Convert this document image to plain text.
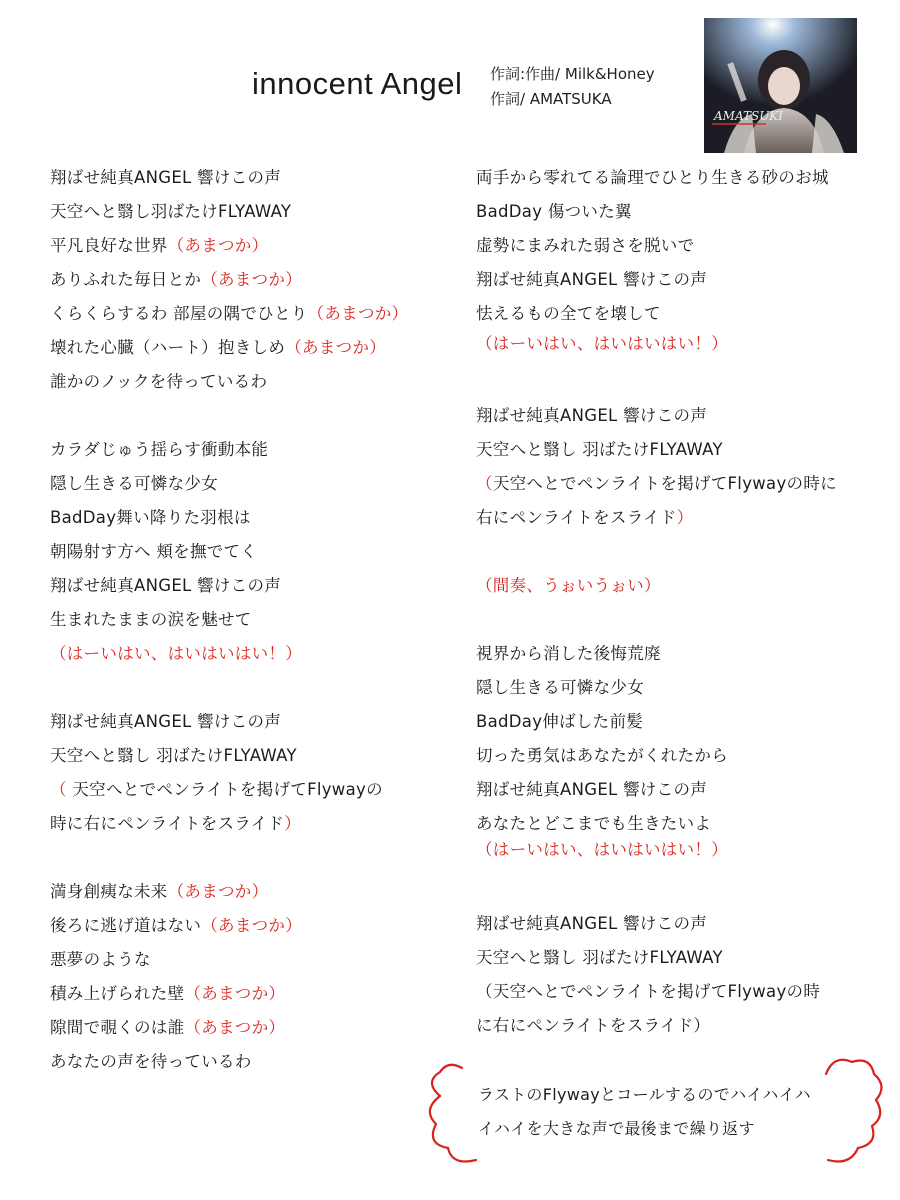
innocent Angel 作詞:作曲/ Milk&Honey
作詞/ AMATSUKA
AMATSUKI
翔ばせ純真ANGEL 響けこの声
天空へと翳し羽ばたけFLYAWAY
平凡良好な世界（あまつか）
ありふれた毎日とか（あまつか）
くらくらするわ 部屋の隅でひとり（あまつか）
壊れた心臓（ハート）抱きしめ（あまつか）
誰かのノックを待っているわ
カラダじゅう揺らす衝動本能
隠し生きる可憐な少女
BadDay舞い降りた羽根は
朝陽射す方へ 頬を撫でてく
翔ばせ純真ANGEL 響けこの声
生まれたままの涙を魅せて
（はーいはい、はいはいはい！）
翔ばせ純真ANGEL 響けこの声
天空へと翳し 羽ばたけFLYAWAY
（ 天空へとでペンライトを掲げてFlywayの
時に右にペンライトをスライド）
満身創痍な未来（あまつか）
後ろに逃げ道はない（あまつか）
悪夢のような
積み上げられた壁（あまつか）
隙間で覗くのは誰（あまつか）
あなたの声を待っているわ
両手から零れてる論理でひとり生きる砂のお城
BadDay 傷ついた翼
虚勢にまみれた弱さを脱いで
翔ばせ純真ANGEL 響けこの声
怯えるもの全てを壊して
（はーいはい、はいはいはい！）
翔ばせ純真ANGEL 響けこの声
天空へと翳し 羽ばたけFLYAWAY
（天空へとでペンライトを掲げてFlywayの時に
右にペンライトをスライド）
（間奏、うぉいうぉい）
視界から消した後悔荒廃
隠し生きる可憐な少女
BadDay伸ばした前髪
切った勇気はあなたがくれたから
翔ばせ純真ANGEL 響けこの声
あなたとどこまでも生きたいよ
（はーいはい、はいはいはい！）
翔ばせ純真ANGEL 響けこの声
天空へと翳し 羽ばたけFLYAWAY
（天空へとでペンライトを掲げてFlywayの時
に右にペンライトをスライド）
ラストのFlywayとコールするのでハイハイハ
イハイを大きな声で最後まで繰り返す
